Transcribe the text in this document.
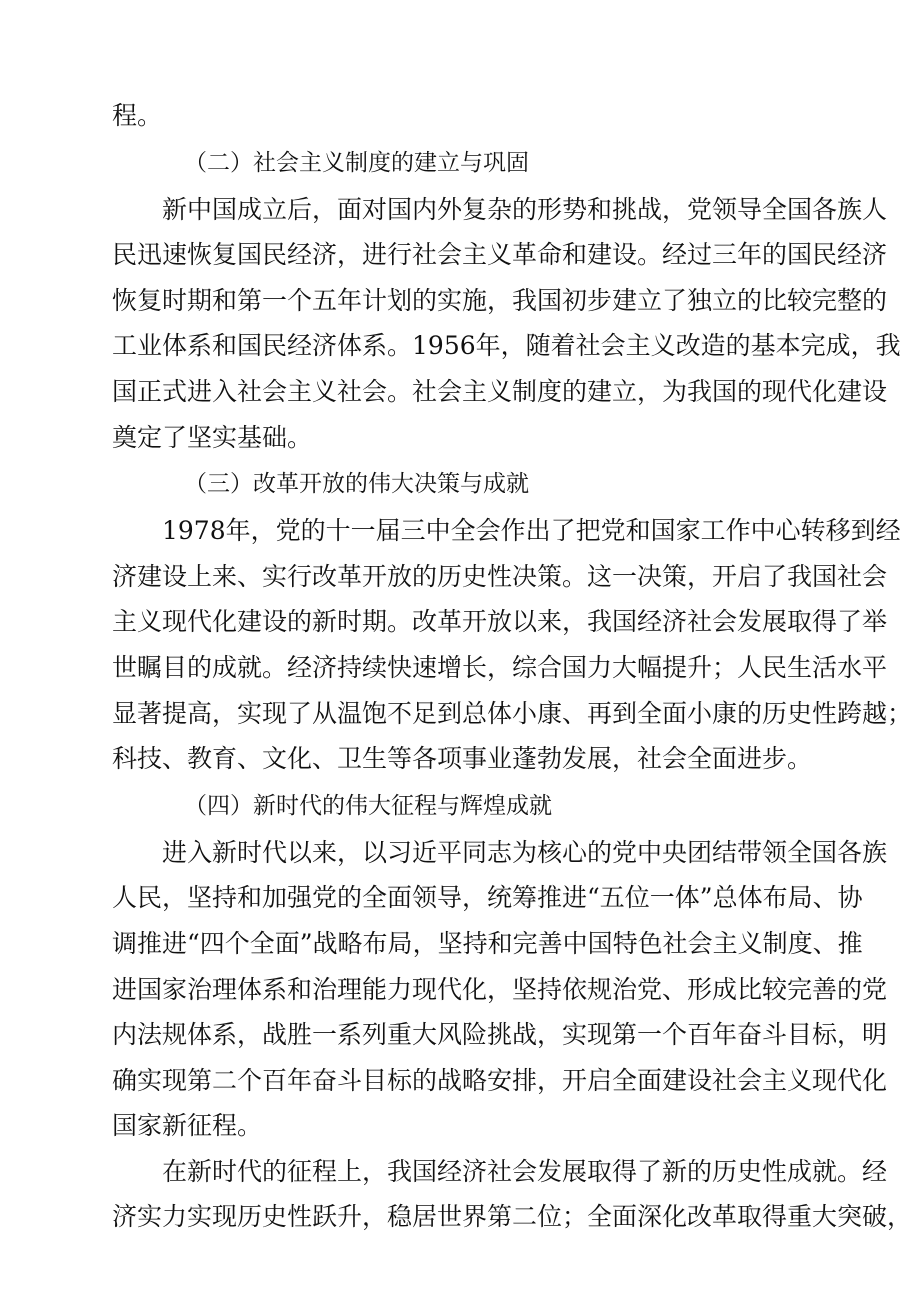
程。
（二）社会主义制度的建立与巩固
新中国成立后，面对国内外复杂的形势和挑战，党领导全国各族人
民迅速恢复国民经济，进行社会主义革命和建设。经过三年的国民经济
恢复时期和第一个五年计划的实施，我国初步建立了独立的比较完整的
工业体系和国民经济体系。1956年，随着社会主义改造的基本完成，我
国正式进入社会主义社会。社会主义制度的建立，为我国的现代化建设
奠定了坚实基础。
（三）改革开放的伟大决策与成就
1978年，党的十一届三中全会作出了把党和国家工作中心转移到经
济建设上来、实行改革开放的历史性决策。这一决策，开启了我国社会
主义现代化建设的新时期。改革开放以来，我国经济社会发展取得了举
世瞩目的成就。经济持续快速增长，综合国力大幅提升；人民生活水平
显著提高，实现了从温饱不足到总体小康、再到全面小康的历史性跨越；
科技、教育、文化、卫生等各项事业蓬勃发展，社会全面进步。
（四）新时代的伟大征程与辉煌成就
进入新时代以来，以习近平同志为核心的党中央团结带领全国各族
人民，坚持和加强党的全面领导，统筹推进“五位一体”总体布局、协
调推进“四个全面”战略布局，坚持和完善中国特色社会主义制度、推
进国家治理体系和治理能力现代化，坚持依规治党、形成比较完善的党
内法规体系，战胜一系列重大风险挑战，实现第一个百年奋斗目标，明
确实现第二个百年奋斗目标的战略安排，开启全面建设社会主义现代化
国家新征程。
在新时代的征程上，我国经济社会发展取得了新的历史性成就。经
济实力实现历史性跃升，稳居世界第二位；全面深化改革取得重大突破，
